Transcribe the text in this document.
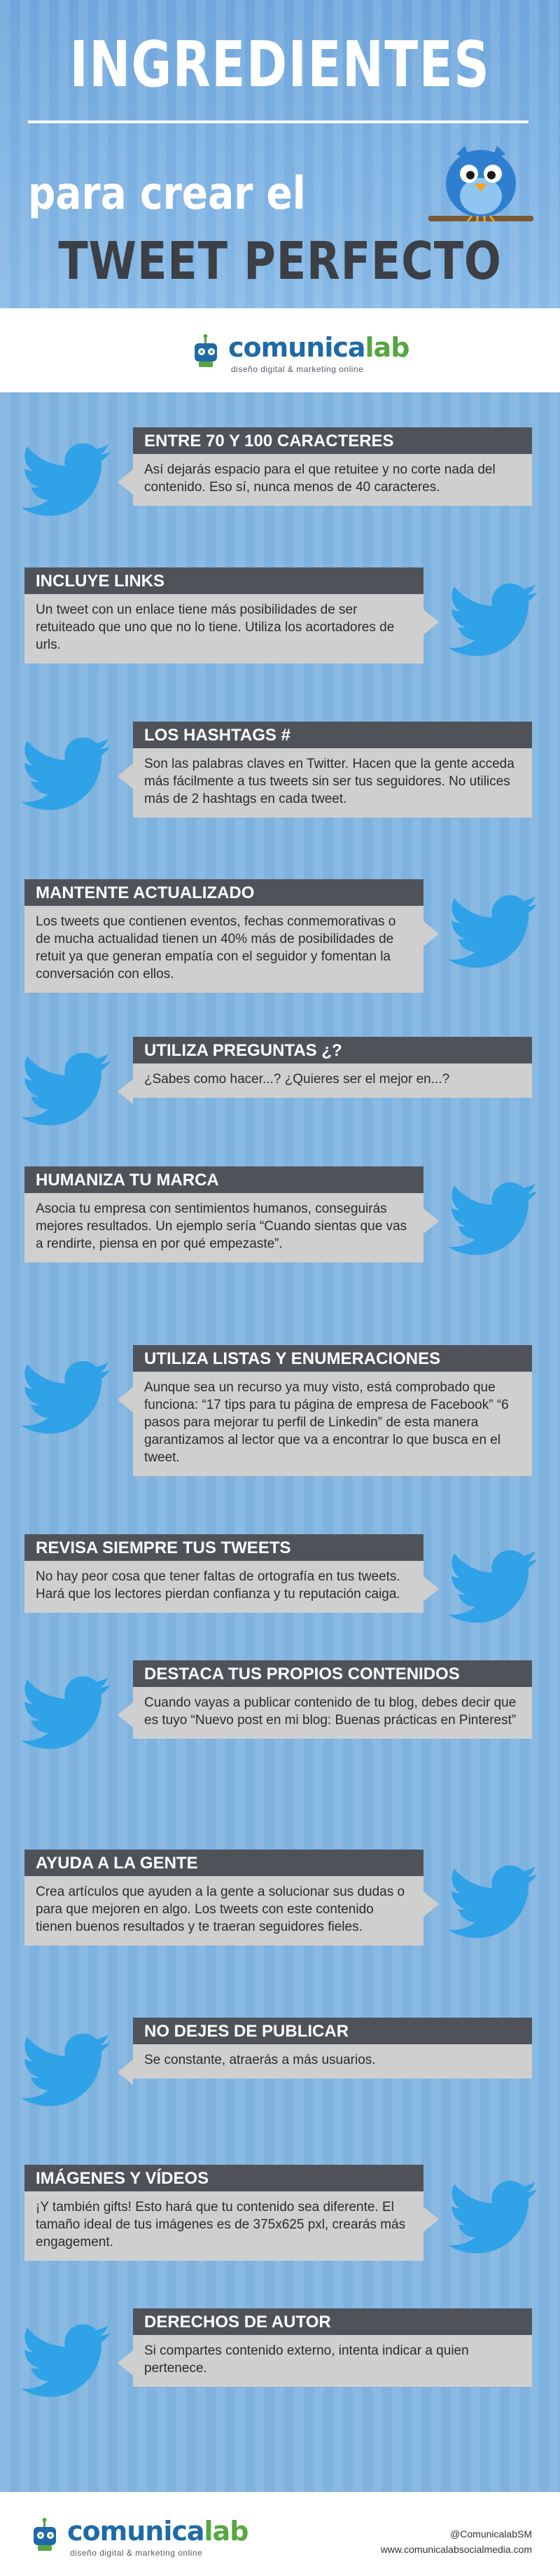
INGREDIENTES
para crear el
TWEET PERFECTO
comunicalab
diseño digital & marketing online
ENTRE 70 Y 100 CARACTERES
Así dejarás espacio para el que retuitee y no corte nada del contenido. Eso sí, nunca menos de 40 caracteres.
INCLUYE LINKS
Un tweet con un enlace tiene más posibilidades de ser retuiteado que uno que no lo tiene. Utiliza los acortadores de urls.
LOS HASHTAGS #
Son las palabras claves en Twitter. Hacen que la gente acceda más fácilmente a tus tweets sin ser tus seguidores. No utilices más de 2 hashtags en cada tweet.
MANTENTE ACTUALIZADO
Los tweets que contienen eventos, fechas conmemorativas o de mucha actualidad tienen un 40% más de posibilidades de retuit ya que generan empatía con el seguidor y fomentan la conversación con ellos.
UTILIZA PREGUNTAS ¿?
¿Sabes como hacer...? ¿Quieres ser el mejor en...?
HUMANIZA TU MARCA
Asocia tu empresa con sentimientos humanos, conseguirás mejores resultados. Un ejemplo sería “Cuando sientas que vas a rendirte, piensa en por qué empezaste”.
UTILIZA LISTAS Y ENUMERACIONES
Aunque sea un recurso ya muy visto, está comprobado que funciona: “17 tips para tu página de empresa de Facebook” “6 pasos para mejorar tu perfil de Linkedin” de esta manera garantizamos al lector que va a encontrar lo que busca en el tweet.
REVISA SIEMPRE TUS TWEETS
No hay peor cosa que tener faltas de ortografía en tus tweets. Hará que los lectores pierdan confianza y tu reputación caiga.
DESTACA TUS PROPIOS CONTENIDOS
Cuando vayas a publicar contenido de tu blog, debes decir que es tuyo “Nuevo post en mi blog: Buenas prácticas en Pinterest”
AYUDA A LA GENTE
Crea artículos que ayuden a la gente a solucionar sus dudas o para que mejoren en algo. Los tweets con este contenido tienen buenos resultados y te traeran seguidores fieles.
NO DEJES DE PUBLICAR
Se constante, atraerás a más usuarios.
IMÁGENES Y VÍDEOS
¡Y también gifts! Esto hará que tu contenido sea diferente. El tamaño ideal de tus imágenes es de 375x625 pxl, crearás más engagement.
DERECHOS DE AUTOR
Si compartes contenido externo, intenta indicar a quien pertenece.
comunicalab
diseño digital & marketing online
@ComunicalabSM
www.comunicalabsocialmedia.com
